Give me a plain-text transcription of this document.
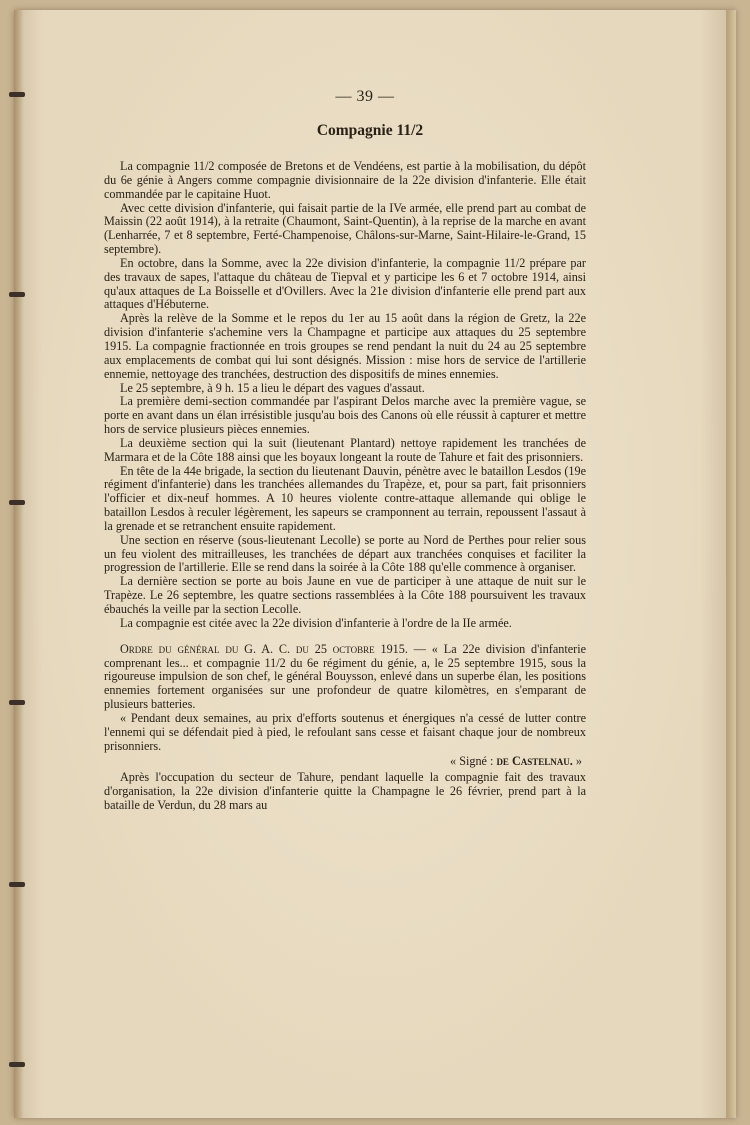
— 39 —
Compagnie 11/2

La compagnie 11/2 composée de Bretons et de Vendéens, est partie à la mobilisation, du dépôt du 6e génie à Angers comme compagnie divisionnaire de la 22e division d'infanterie. Elle était commandée par le capitaine Huot.

Avec cette division d'infanterie, qui faisait partie de la IVe armée, elle prend part au combat de Maissin (22 août 1914), à la retraite (Chaumont, Saint-Quentin), à la reprise de la marche en avant (Lenharrée, 7 et 8 septembre, Ferté-Champenoise, Châlons-sur-Marne, Saint-Hilaire-le-Grand, 15 septembre).

En octobre, dans la Somme, avec la 22e division d'infanterie, la compagnie 11/2 prépare par des travaux de sapes, l'attaque du château de Tiepval et y participe les 6 et 7 octobre 1914, ainsi qu'aux attaques de La Boisselle et d'Ovillers. Avec la 21e division d'infanterie elle prend part aux attaques d'Hébuterne.

Après la relève de la Somme et le repos du 1er au 15 août dans la région de Gretz, la 22e division d'infanterie s'achemine vers la Champagne et participe aux attaques du 25 septembre 1915. La compagnie fractionnée en trois groupes se rend pendant la nuit du 24 au 25 septembre aux emplacements de combat qui lui sont désignés. Mission : mise hors de service de l'artillerie ennemie, nettoyage des tranchées, destruction des dispositifs de mines ennemies.

Le 25 septembre, à 9 h. 15 a lieu le départ des vagues d'assaut.

La première demi-section commandée par l'aspirant Delos marche avec la première vague, se porte en avant dans un élan irrésistible jusqu'au bois des Canons où elle réussit à capturer et mettre hors de service plusieurs pièces ennemies.

La deuxième section qui la suit (lieutenant Plantard) nettoye rapidement les tranchées de Marmara et de la Côte 188 ainsi que les boyaux longeant la route de Tahure et fait des prisonniers.

En tête de la 44e brigade, la section du lieutenant Dauvin, pénètre avec le bataillon Lesdos (19e régiment d'infanterie) dans les tranchées allemandes du Trapèze, et, pour sa part, fait prisonniers l'officier et dix-neuf hommes. A 10 heures violente contre-attaque allemande qui oblige le bataillon Lesdos à reculer légèrement, les sapeurs se cramponnent au terrain, repoussent l'assaut à la grenade et se retranchent ensuite rapidement.

Une section en réserve (sous-lieutenant Lecolle) se porte au Nord de Perthes pour relier sous un feu violent des mitrailleuses, les tranchées de départ aux tranchées conquises et faciliter la progression de l'artillerie. Elle se rend dans la soirée à la Côte 188 qu'elle commence à organiser.

La dernière section se porte au bois Jaune en vue de participer à une attaque de nuit sur le Trapèze. Le 26 septembre, les quatre sections rassemblées à la Côte 188 poursuivent les travaux ébauchés la veille par la section Lecolle.

La compagnie est citée avec la 22e division d'infanterie à l'ordre de la IIe armée.

Ordre du général du G. A. C. du 25 octobre 1915. — « La 22e division d'infanterie comprenant les... et compagnie 11/2 du 6e régiment du génie, a, le 25 septembre 1915, sous la rigoureuse impulsion de son chef, le général Bouysson, enlevé dans un superbe élan, les positions ennemies fortement organisées sur une profondeur de quatre kilomètres, en s'emparant de plusieurs batteries.

« Pendant deux semaines, au prix d'efforts soutenus et énergiques n'a cessé de lutter contre l'ennemi qui se défendait pied à pied, le refoulant sans cesse et faisant chaque jour de nombreux prisonniers.

« Signé : de Castelnau. »

Après l'occupation du secteur de Tahure, pendant laquelle la compagnie fait des travaux d'organisation, la 22e division d'infanterie quitte la Champagne le 26 février, prend part à la bataille de Verdun, du 28 mars au
